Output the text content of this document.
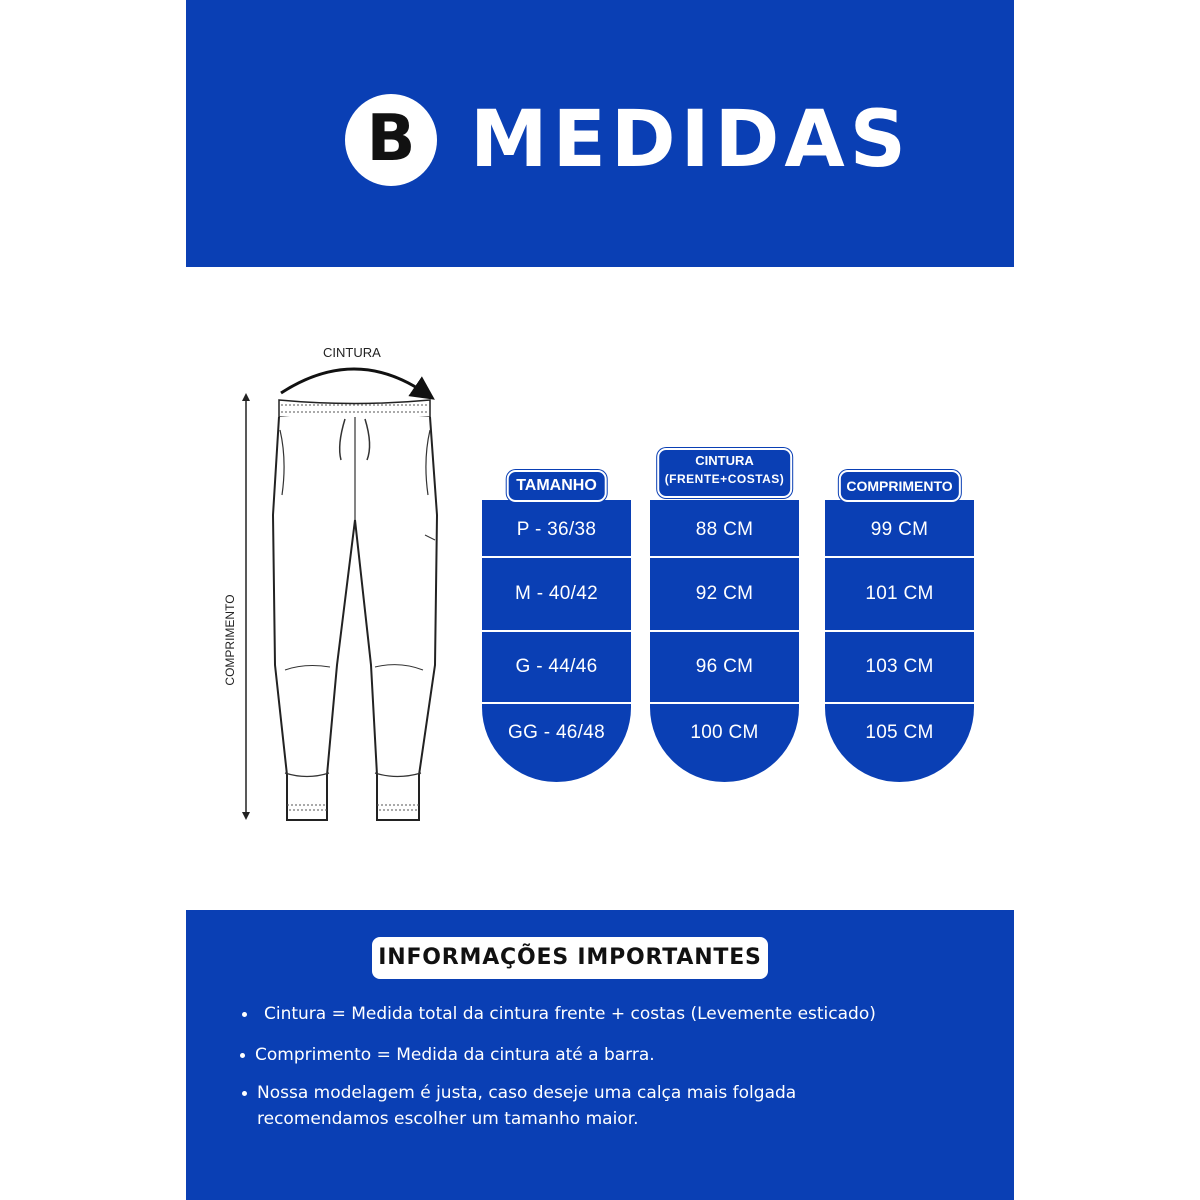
B MEDIDAS
CINTURA
COMPRIMENTO
TAMANHO
P - 36/38
M - 40/42
G - 44/46
GG - 46/48
CINTURA
(FRENTE+COSTAS)
88 CM
92 CM
96 CM
100 CM
COMPRIMENTO
99 CM
101 CM
103 CM
105 CM
INFORMAÇÕES IMPORTANTES
Cintura = Medida total da cintura frente + costas (Levemente esticado)
Comprimento = Medida da cintura até a barra.
Nossa modelagem é justa, caso deseje uma calça mais folgada
recomendamos escolher um tamanho maior.
